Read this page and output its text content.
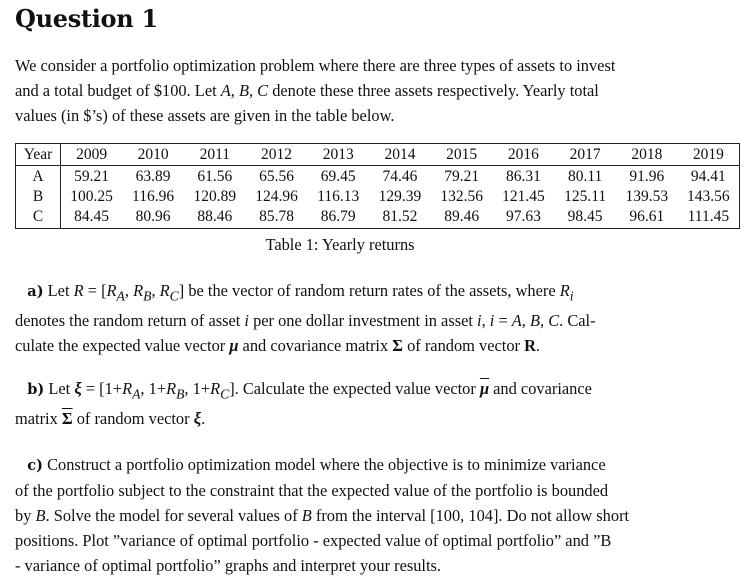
Question 1

We consider a portfolio optimization problem where there are three types of assets to invest
and a total budget of $100. Let A, B, C denote these three assets respectively. Yearly total
values (in $’s) of these assets are given in the table below.

Year	2009	2010	2011	2012	2013	2014	2015	2016	2017	2018	2019
A	59.21	63.89	61.56	65.56	69.45	74.46	79.21	86.31	80.11	91.96	94.41
B	100.25	116.96	120.89	124.96	116.13	129.39	132.56	121.45	125.11	139.53	143.56
C	84.45	80.96	88.46	85.78	86.79	81.52	89.46	97.63	98.45	96.61	111.45
Table 1: Yearly returns

a) Let $R = [R_A$, $R_B$, $R_C$] be the vector of random return rates of the assets, where $R_i$
denotes the random return of asset i per one dollar investment in asset i, i = A, B, C. Cal-
culate the expected value vector μ and covariance matrix Σ of random vector R.

b) Let $\xi = [1+R_A$, $1+R_B$, $1+R_C$]. Calculate the expected value vector $\overline{\mu}$ and covariance
matrix $\overline{\Sigma}$ of random vector ξ.

c) Construct a portfolio optimization model where the objective is to minimize variance
of the portfolio subject to the constraint that the expected value of the portfolio is bounded
by B. Solve the model for several values of B from the interval [100, 104]. Do not allow short
positions. Plot ”variance of optimal portfolio - expected value of optimal portfolio” and ”B
- variance of optimal portfolio” graphs and interpret your results.
